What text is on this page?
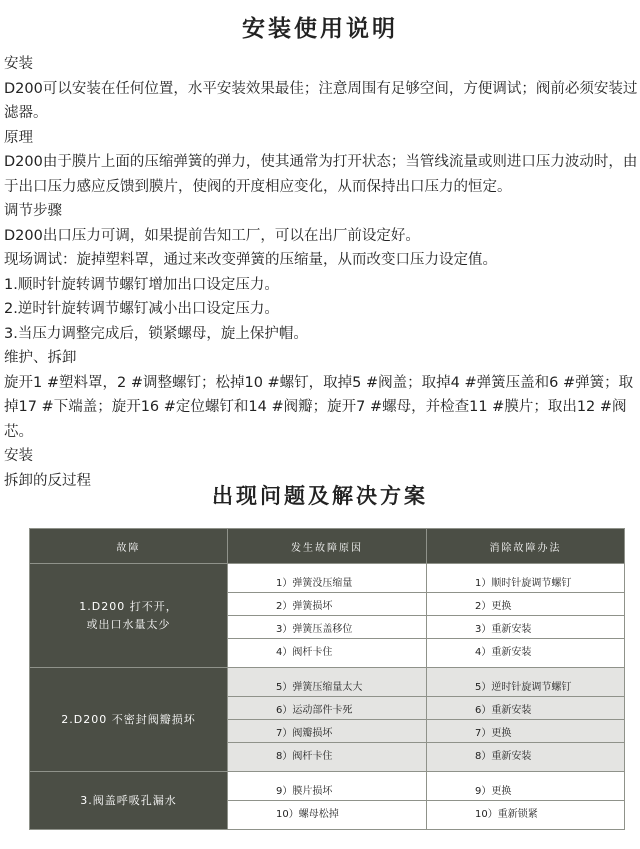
安装使用说明

安装

D200可以安装在任何位置，水平安装效果最佳；注意周围有足够空间，方便调试；阀前必须安装过滤器。

原理

D200由于膜片上面的压缩弹簧的弹力，使其通常为打开状态；当管线流量或则进口压力波动时，由于出口压力感应反馈到膜片，使阀的开度相应变化，从而保持出口压力的恒定。

调节步骤

D200出口压力可调，如果提前告知工厂，可以在出厂前设定好。

现场调试：旋掉塑料罩，通过来改变弹簧的压缩量，从而改变口压力设定值。

1.顺时针旋转调节螺钉增加出口设定压力。

2.逆时针旋转调节螺钉减小出口设定压力。

3.当压力调整完成后，锁紧螺母，旋上保护帽。

维护、拆卸

旋开1 #塑料罩，2 #调整螺钉；松掉10 #螺钉，取掉5 #阀盖；取掉4 #弹簧压盖和6 #弹簧；取掉17 #下端盖；旋开16 #定位螺钉和14 #阀瓣；旋开7 #螺母，并检查11 #膜片；取出12 #阀芯。

安装

拆卸的反过程

出现问题及解决方案
故障	发生故障原因	消除故障办法

1.D200 打不开，
或出口水量太少	1）弹簧没压缩量	1）顺时针旋调节螺钉
	2）弹簧损坏	2）更换
	3）弹簧压盖移位	3）重新安装
	4）阀杆卡住	4）重新安装

2.D200 不密封阀瓣损坏	5）弹簧压缩量太大	5）逆时针旋调节螺钉
	6）运动部件卡死	6）重新安装
	7）阀瓣损坏	7）更换
	8）阀杆卡住	8）重新安装

3.阀盖呼吸孔漏水	9）膜片损坏	9）更换
	10）螺母松掉	10）重新锁紧
